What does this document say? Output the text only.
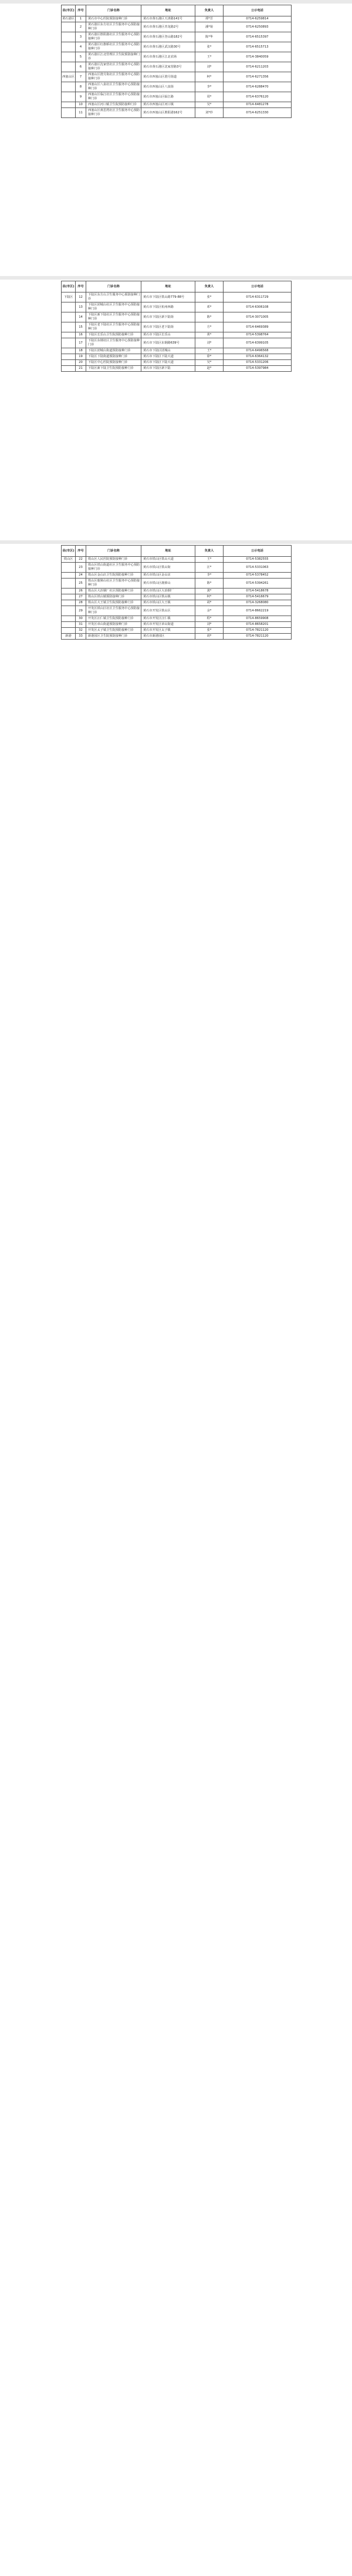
县(市区)	序号	门诊名称	地址	负责人	公示电话
黄石港区	1	黄石市中心医院预防接种门诊	黄石市黄石港区天津路141号	谭*芳	0714-6259814
	2	黄石港区东方社区卫生服务中心预防接种门诊	黄石市黄石港区青龙路2号	潘*菊	0714-6250893
	3	黄石港区胜阳港社区卫生服务中心预防接种门诊	黄石市黄石港区登山路182号	陈*华	0714-6515397
	4	黄石港区红旗桥社区卫生服务中心预防接种门诊	黄石市黄石港区武汉路30号	张*	0714-6515713
	5	黄石港区江北管理区卫生院预防接种门诊	黄石市黄石港区江北农场	王*	0714-3840059
	6	黄石港区沈家营社区卫生服务中心预防接种门诊	黄石市黄石港区沈家营路3号	刘*	0714-6211203
西塞山区	7	西塞山区澄月街社区卫生服务中心预防接种门诊	黄石市西塞山区澄月街道	柯*	0714-6271356
	8	西塞山区八泉社区卫生服务中心预防接种门诊	黄石市西塞山区八泉街	李*	0714-6288470
	9	西塞山区临江社区卫生服务中心预防接种门诊	黄石市西塞山区临江路	周*	0714-6376120
	10	西塞山区河口镇卫生院预防接种门诊	黄石市西塞山区河口镇	吴*	0714-6481278
	11	西塞山区黄思湾社区卫生服务中心预防接种门诊	黄石市西塞山区胜阳港162号	刘*珍	0714-6251330
县(市区)	序号	门诊名称	地址	负责人	公示电话
下陆区	12	下陆区东方山卫生服务中心预防接种门诊	黄石市下陆区铁山路779-88号	张*	0714-6311729
	13	下陆区团城山社区卫生服务中心预防接种门诊	黄石市下陆区杭州西路	邓*	0714-6306108
	14	下陆区新下陆社区卫生服务中心预防接种门诊	黄石市下陆区新下陆街	陈*	0714-3071005
	15	下陆区老下陆社区卫生服务中心预防接种门诊	黄石市下陆区老下陆街	方*	0714-6469389
	16	下陆区长乐山卫生院预防接种门诊	黄石市下陆区长乐山	黄*	0714-5398764
	17	下陆区东钢社区卫生服务中心预防接种门诊	黄石市下陆区东钢路639号	刘*	0714-6399105
	18	下陆区团城山街道预防接种门诊	黄石市下陆区团城山	王*	0714-6496568
	19	下陆区下陆街道预防接种门诊	黄石市下陆区下陆大道	徐*	0714-6364132
	20	下陆区中心医院预防接种门诊	黄石市下陆区下陆大道	吴*	0714-5331206
	21	下陆区新下陆卫生院预防接种门诊	黄石市下陆区新下陆	赵*	0714-5397984
县(市区)	序号	门诊名称	地址	负责人	公示电话
铁山区	22	铁山区人民医院预防接种门诊	黄石市铁山区铁山大道	王*	0714-5382555
	23	铁山区铁山街道社区卫生服务中心预防接种门诊	黄石市铁山区铁山街	汪*	0714-5331063
	24	铁山区金山店卫生院预防接种门诊	黄石市铁山区金山店	李*	0714-5378452
	25	铁山区鹿獐山社区卫生服务中心预防接种门诊	黄石市铁山区鹿獐山	陈*	0714-5394261
	26	铁山区大冶钢厂社区预防接种门诊	黄石市铁山区大冶钢厂	龚*	0714-5418678
	27	铁山区铁山镇预防接种门诊	黄石市铁山区铁山镇	柯*	0714-5416679
	28	铁山区大王镇卫生院预防接种门诊	黄石市铁山区大王镇	胡*	0714-3268080
	29	开发区铁山区社区卫生服务中心预防接种门诊	黄石市开发区铁山区	余*	0714-8662219
	30	开发区汪仁镇卫生院预防接种门诊	黄石市开发区汪仁镇	程*	0714-8659908
	31	开发区章山街道预防接种门诊	黄石市开发区章山街道	刘*	0714-8658201
	32	开发区太子镇卫生院预防接种门诊	黄石市开发区太子镇	张*	0714-7821120
新港	33	新港园区卫生院预防接种门诊	黄石市新港园区	胡*	0714-7821120
